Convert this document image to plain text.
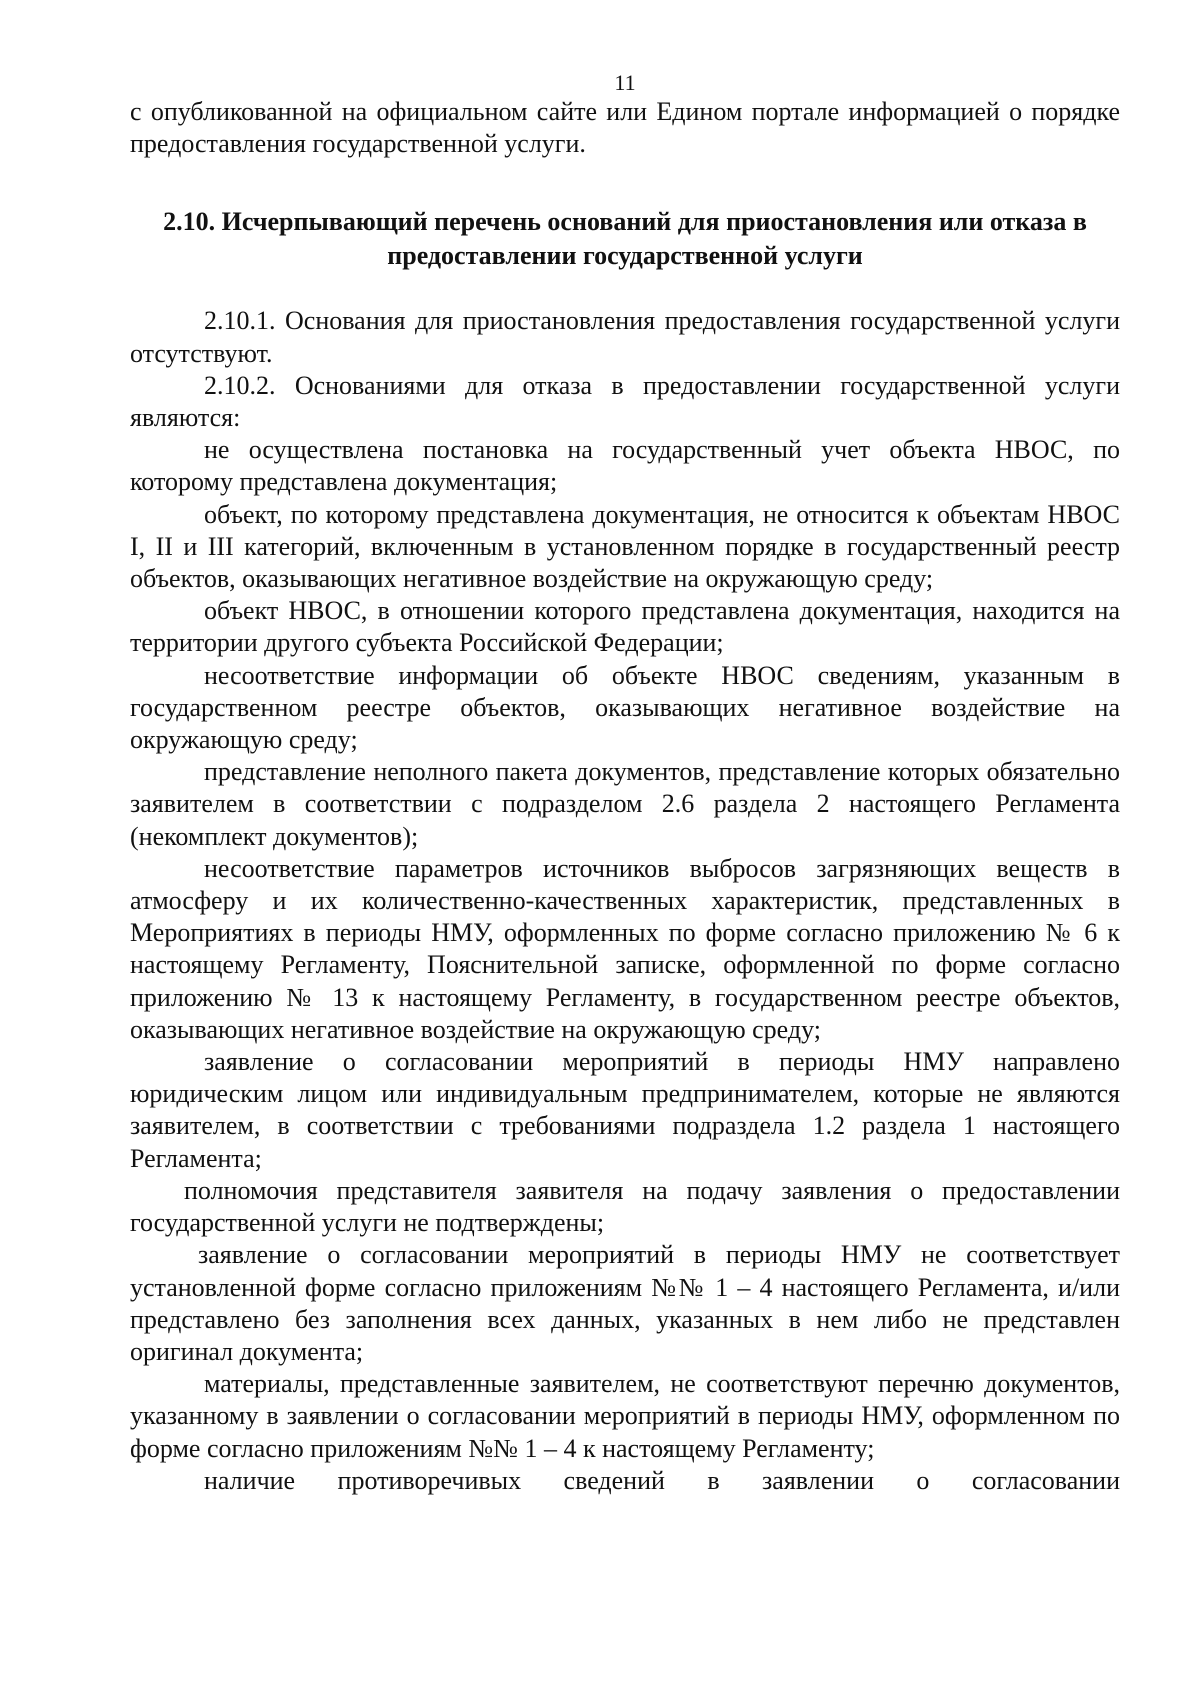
11

с опубликованной на официальном сайте или Едином портале информацией о порядке предоставления государственной услуги.

2.10. Исчерпывающий перечень оснований для приостановления или отказа в предоставлении государственной услуги

2.10.1. Основания для приостановления предоставления государственной услуги отсутствуют.

2.10.2. Основаниями для отказа в предоставлении государственной услуги являются:

не осуществлена постановка на государственный учет объекта НВОС, по которому представлена документация;

объект, по которому представлена документация, не относится к объектам НВОС I, II и III категорий, включенным в установленном порядке в государственный реестр объектов, оказывающих негативное воздействие на окружающую среду;

объект НВОС, в отношении которого представлена документация, находится на территории другого субъекта Российской Федерации;

несоответствие информации об объекте НВОС сведениям, указанным в государственном реестре объектов, оказывающих негативное воздействие на окружающую среду;

представление неполного пакета документов, представление которых обязательно заявителем в соответствии с подразделом 2.6 раздела 2 настоящего Регламента (некомплект документов);

несоответствие параметров источников выбросов загрязняющих веществ в атмосферу и их количественно-качественных характеристик, представленных в Мероприятиях в периоды НМУ, оформленных по форме согласно приложению № 6 к настоящему Регламенту, Пояснительной записке, оформленной по форме согласно приложению № 13 к настоящему Регламенту, в государственном реестре объектов, оказывающих негативное воздействие на окружающую среду;

заявление о согласовании мероприятий в периоды НМУ направлено юридическим лицом или индивидуальным предпринимателем, которые не являются заявителем, в соответствии с требованиями подраздела 1.2 раздела 1 настоящего Регламента;

полномочия представителя заявителя на подачу заявления о предоставлении государственной услуги не подтверждены;

заявление о согласовании мероприятий в периоды НМУ не соответствует установленной форме согласно приложениям №№ 1 – 4 настоящего Регламента, и/или представлено без заполнения всех данных, указанных в нем либо не представлен оригинал документа;

материалы, представленные заявителем, не соответствуют перечню документов, указанному в заявлении о согласовании мероприятий в периоды НМУ, оформленном по форме согласно приложениям №№ 1 – 4 к настоящему Регламенту;

наличие противоречивых сведений в заявлении о согласовании
